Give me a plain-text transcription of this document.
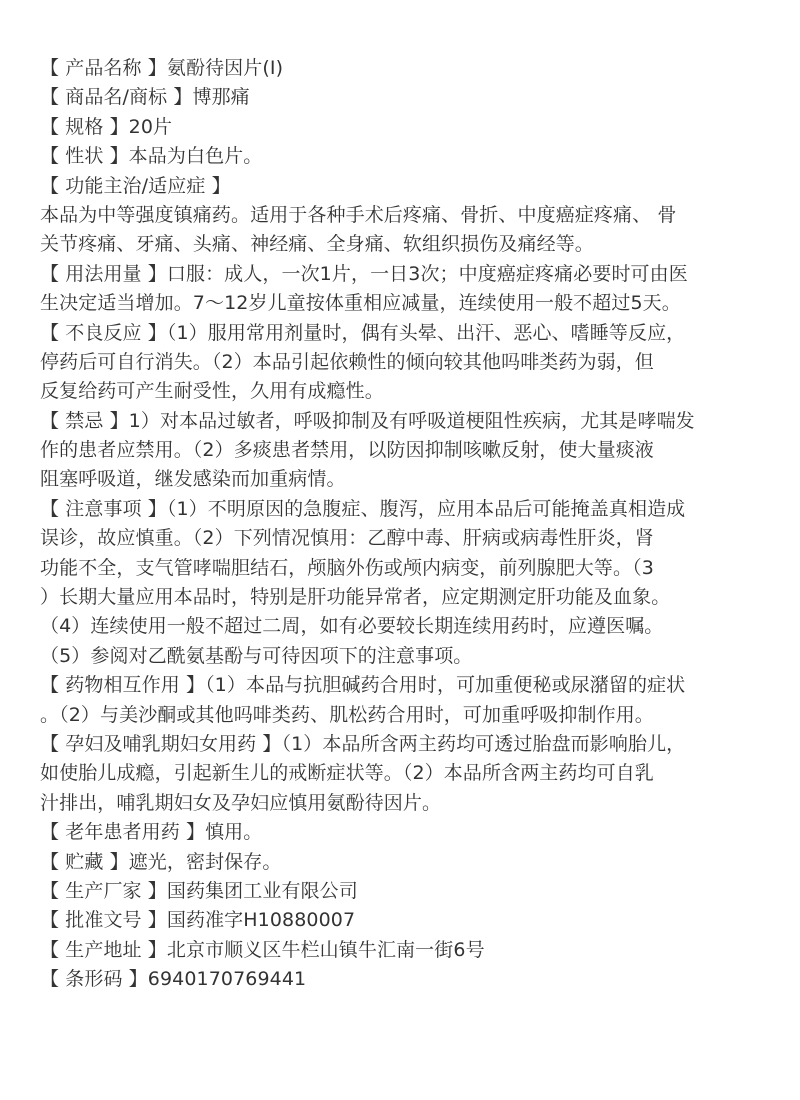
【 产品名称 】氨酚待因片(Ⅰ)
【 商品名/商标 】博那痛
【 规格 】20片
【 性状 】本品为白色片。
【 功能主治/适应症 】
本品为中等强度镇痛药。适用于各种手术后疼痛、骨折、中度癌症疼痛、 骨
关节疼痛、牙痛、头痛、神经痛、全身痛、软组织损伤及痛经等。
【 用法用量 】口服：成人，一次1片，一日3次；中度癌症疼痛必要时可由医
生决定适当增加。7～12岁儿童按体重相应减量，连续使用一般不超过5天。
【 不良反应 】（1）服用常用剂量时，偶有头晕、出汗、恶心、嗜睡等反应，
停药后可自行消失。（2）本品引起依赖性的倾向较其他吗啡类药为弱，但
反复给药可产生耐受性，久用有成瘾性。
【 禁忌 】1）对本品过敏者，呼吸抑制及有呼吸道梗阻性疾病，尤其是哮喘发
作的患者应禁用。（2）多痰患者禁用，以防因抑制咳嗽反射，使大量痰液
阻塞呼吸道，继发感染而加重病情。
【 注意事项 】（1）不明原因的急腹症、腹泻，应用本品后可能掩盖真相造成
误诊，故应慎重。（2）下列情况慎用：乙醇中毒、肝病或病毒性肝炎，肾
功能不全，支气管哮喘胆结石，颅脑外伤或颅内病变，前列腺肥大等。（3
）长期大量应用本品时，特别是肝功能异常者，应定期测定肝功能及血象。
（4）连续使用一般不超过二周，如有必要较长期连续用药时，应遵医嘱。
（5）参阅对乙酰氨基酚与可待因项下的注意事项。
【 药物相互作用 】（1）本品与抗胆碱药合用时，可加重便秘或尿潴留的症状
。（2）与美沙酮或其他吗啡类药、肌松药合用时，可加重呼吸抑制作用。
【 孕妇及哺乳期妇女用药 】（1）本品所含两主药均可透过胎盘而影响胎儿，
如使胎儿成瘾，引起新生儿的戒断症状等。（2）本品所含两主药均可自乳
汁排出，哺乳期妇女及孕妇应慎用氨酚待因片。
【 老年患者用药 】慎用。
【 贮藏 】遮光，密封保存。
【 生产厂家 】国药集团工业有限公司
【 批准文号 】国药准字H10880007
【 生产地址 】北京市顺义区牛栏山镇牛汇南一街6号
【 条形码 】6940170769441
